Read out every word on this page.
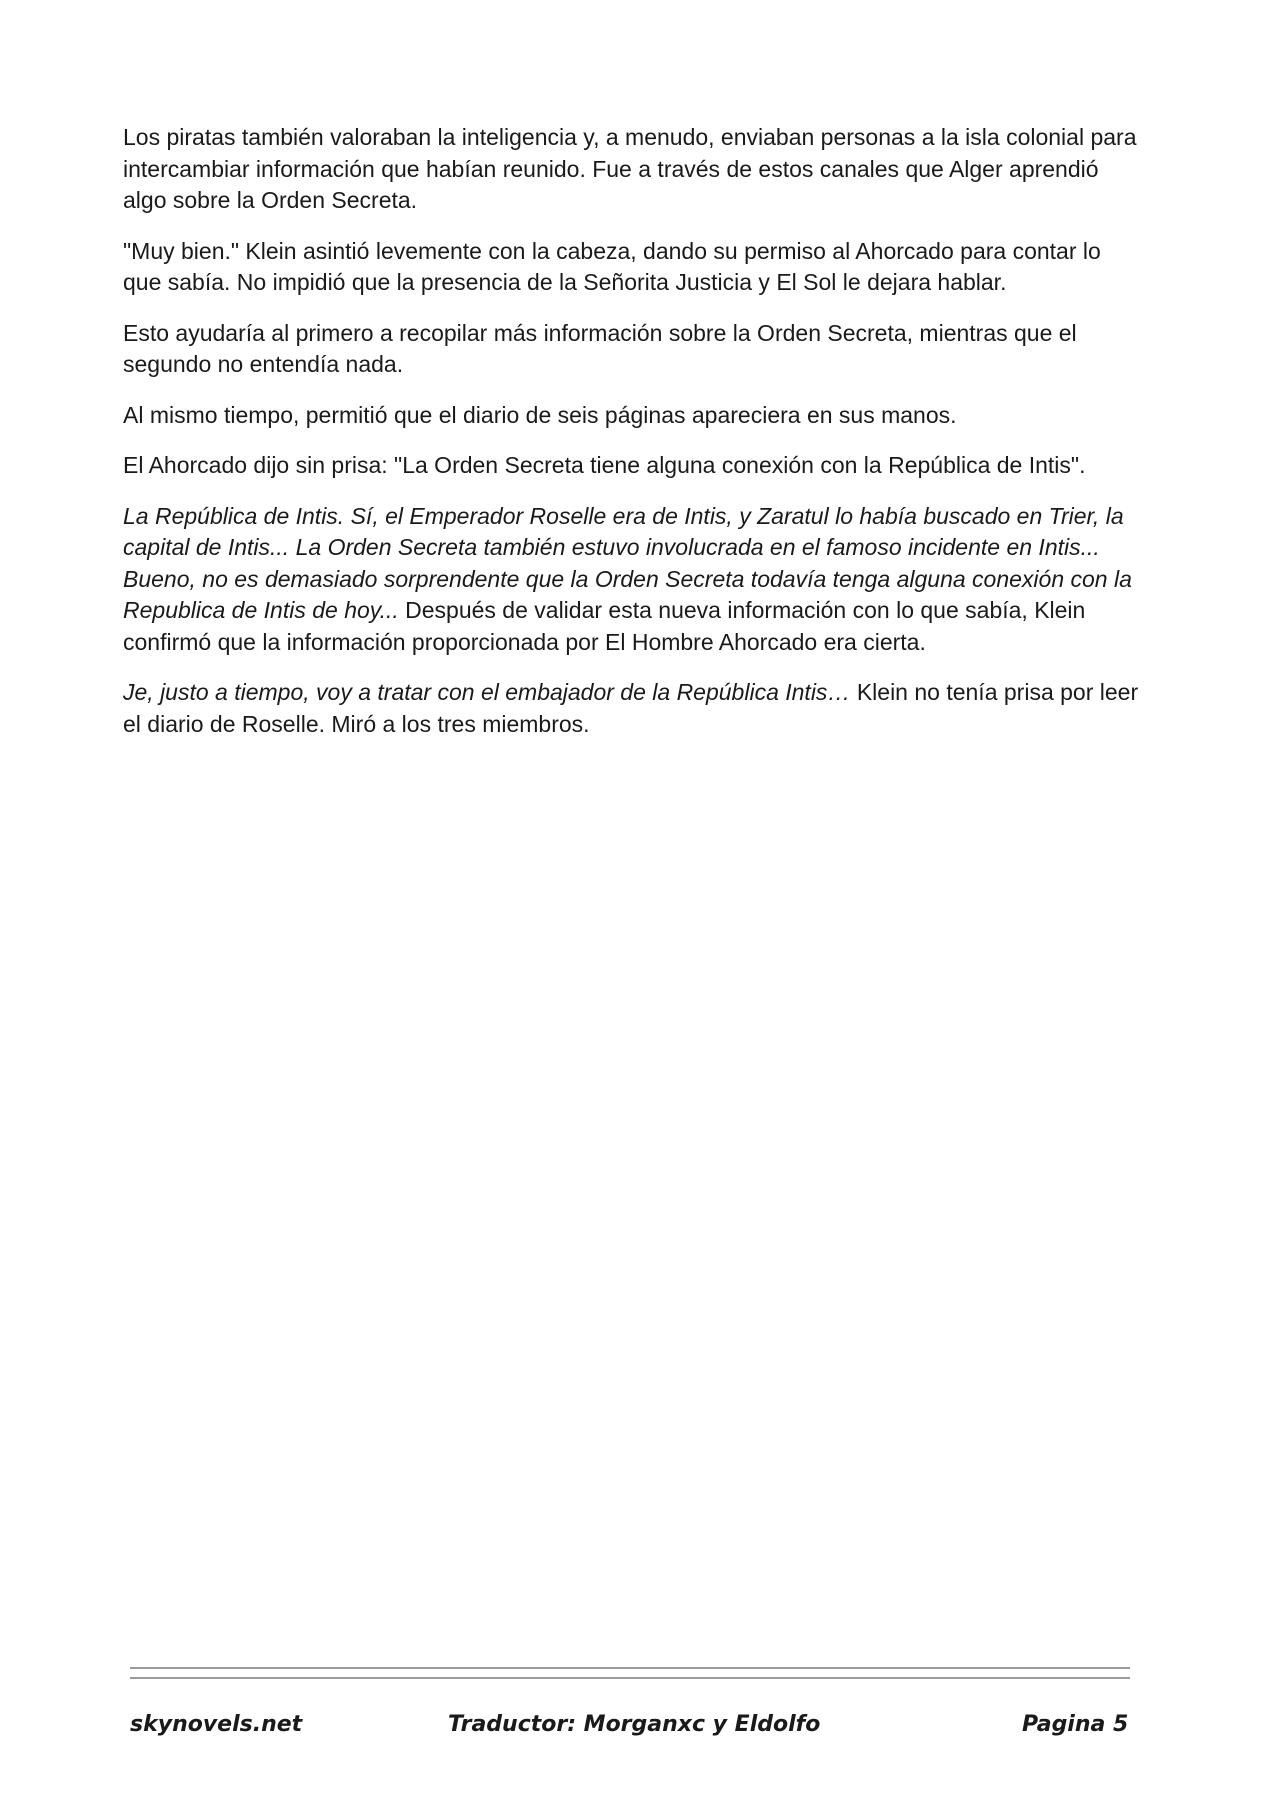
Los piratas también valoraban la inteligencia y, a menudo, enviaban personas a la isla colonial para intercambiar información que habían reunido. Fue a través de estos canales que Alger aprendió algo sobre la Orden Secreta.

"Muy bien." Klein asintió levemente con la cabeza, dando su permiso al Ahorcado para contar lo que sabía. No impidió que la presencia de la Señorita Justicia y El Sol le dejara hablar.

Esto ayudaría al primero a recopilar más información sobre la Orden Secreta, mientras que el segundo no entendía nada.

Al mismo tiempo, permitió que el diario de seis páginas apareciera en sus manos.

El Ahorcado dijo sin prisa: "La Orden Secreta tiene alguna conexión con la República de Intis".

La República de Intis. Sí, el Emperador Roselle era de Intis, y Zaratul lo había buscado en Trier, la capital de Intis... La Orden Secreta también estuvo involucrada en el famoso incidente en Intis... Bueno, no es demasiado sorprendente que la Orden Secreta todavía tenga alguna conexión con la Republica de Intis de hoy... Después de validar esta nueva información con lo que sabía, Klein confirmó que la información proporcionada por El Hombre Ahorcado era cierta.

Je, justo a tiempo, voy a tratar con el embajador de la República Intis… Klein no tenía prisa por leer el diario de Roselle. Miró a los tres miembros.

skynovels.net	Traductor: Morganxc y Eldolfo	Pagina 5
